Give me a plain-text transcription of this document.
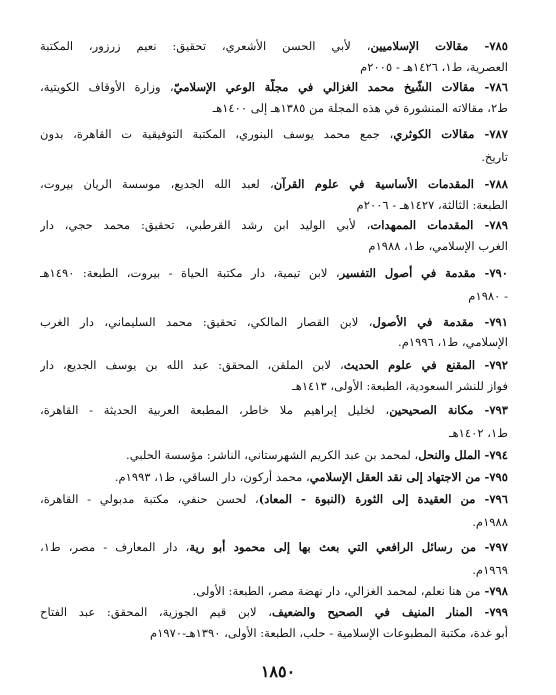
٧٨٥- مقالات الإسلاميين، لأبي الحسن الأشعري، تحقيق: نعيم زرزور، المكتبة
العصرية، ط١، ١٤٢٦هـ - ٢٠٠٥م
٧٨٦- مقالات الشّيخ محمد الغزالي في مجلّة الوعي الإسلاميّ، وزارة الأوقاف الكويتية،
ط٢، مقالاته المنشورة في هذه المجلة من ١٣٨٥هـ إلى ١٤٠٠هـ
٧٨٧- مقالات الكوثري، جمع محمد يوسف البنوري، المكتبة التوفيقية ت القاهرة، بدون
تاريخ.
٧٨٨- المقدمات الأساسية في علوم القرآن، لعبد الله الجديع، موسسة الريان بيروت،
الطبعة: الثالثة، ١٤٢٧هـ - ٢٠٠٦م
٧٨٩- المقدمات الممهدات، لأبي الوليد ابن رشد القرطبي، تحقيق: محمد حجي، دار
الغرب الإسلامي، ط١، ١٩٨٨م
٧٩٠- مقدمة في أصول التفسير، لابن تيمية، دار مكتبة الحياة - بيروت، الطبعة: ١٤٩٠هـ
- ١٩٨٠م
٧٩١- مقدمة في الأصول، لابن القصار المالكي، تحقيق: محمد السليماني، دار الغرب
الإسلامي، ط١، ١٩٩٦م.
٧٩٢- المقنع في علوم الحديث، لابن الملقن، المحقق: عبد الله بن يوسف الجديع، دار
فواز للنشر السعودية، الطبعة: الأولى، ١٤١٣هـ
٧٩٣- مكانة الصحيحين، لخليل إبراهيم ملا خاطر، المطبعة العربية الحديثة - القاهرة،
ط١، ١٤٠٢هـ
٧٩٤- الملل والنحل، لمحمد بن عبد الكريم الشهرستاني، الناشر: مؤسسة الحلبي.
٧٩٥- من الاجتهاد إلى نقد العقل الإسلامي، محمد أركون، دار الساقي، ط١، ١٩٩٣م.
٧٩٦- من العقيدة إلى الثورة (النبوة - المعاد)، لحسن حنفي، مكتبة مدبولي - القاهرة،
١٩٨٨م.
٧٩٧- من رسائل الرافعي التي بعث بها إلى محمود أبو رية، دار المعارف - مصر، ط١،
١٩٦٩م.
٧٩٨- من هنا نعلم، لمحمد الغزالي، دار نهضة مصر، الطبعة: الأولى.
٧٩٩- المنار المنيف في الصحيح والضعيف، لابن قيم الجوزية، المحقق: عبد الفتاح
أبو غدة، مكتبة المطبوعات الإسلامية - حلب، الطبعة: الأولى، ١٣٩٠هـ-١٩٧٠م
١٨٥٠
